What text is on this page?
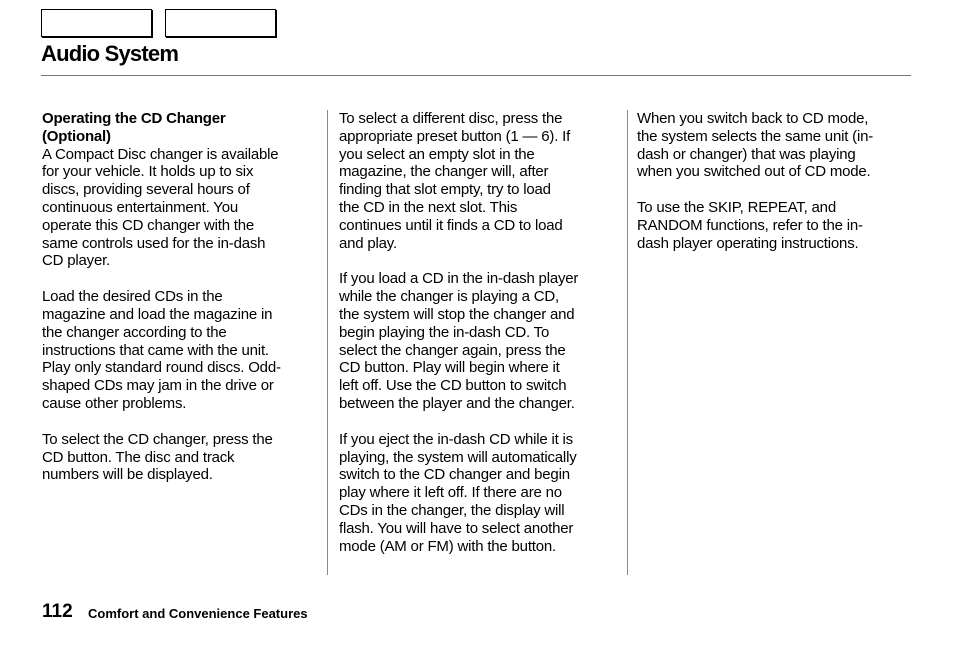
Audio System

Operating the CD Changer
(Optional)

A Compact Disc changer is available
for your vehicle. It holds up to six
discs, providing several hours of
continuous entertainment. You
operate this CD changer with the
same controls used for the in-dash
CD player.

Load the desired CDs in the
magazine and load the magazine in
the changer according to the
instructions that came with the unit.
Play only standard round discs. Odd-
shaped CDs may jam in the drive or
cause other problems.

To select the CD changer, press the
CD button. The disc and track
numbers will be displayed.

To select a different disc, press the
appropriate preset button (1 — 6). If
you select an empty slot in the
magazine, the changer will, after
finding that slot empty, try to load
the CD in the next slot. This
continues until it finds a CD to load
and play.

If you load a CD in the in-dash player
while the changer is playing a CD,
the system will stop the changer and
begin playing the in-dash CD. To
select the changer again, press the
CD button. Play will begin where it
left off. Use the CD button to switch
between the player and the changer.

If you eject the in-dash CD while it is
playing, the system will automatically
switch to the CD changer and begin
play where it left off. If there are no
CDs in the changer, the display will
flash. You will have to select another
mode (AM or FM) with the button.

When you switch back to CD mode,
the system selects the same unit (in-
dash or changer) that was playing
when you switched out of CD mode.

To use the SKIP, REPEAT, and
RANDOM functions, refer to the in-
dash player operating instructions.

112 Comfort and Convenience Features
